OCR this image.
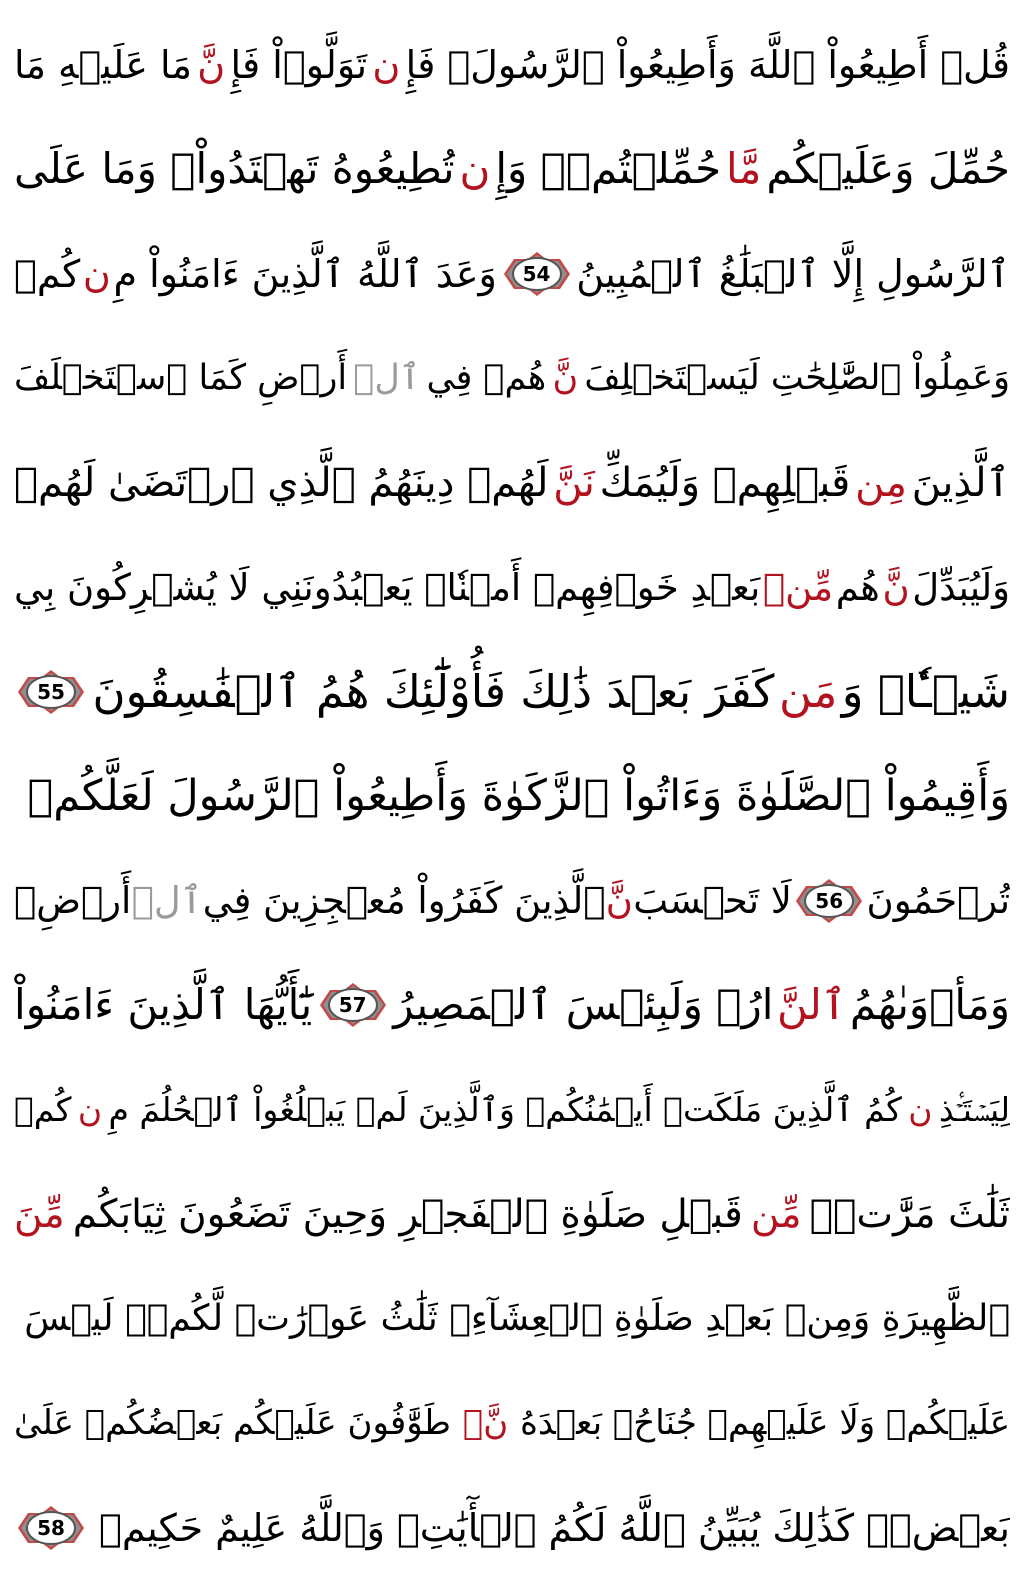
قُلۡ أَطِيعُواْ ٱللَّهَ وَأَطِيعُواْ ٱلرَّسُولَۖ فَإِ
ن
تَوَلَّوۡاْ فَإِ
نَّ
مَا عَلَيۡهِ مَا
حُمِّلَ وَعَلَيۡكُم
مَّا
حُمِّلۡتُمۡۖ وَإِ
ن
تُطِيعُوهُ تَهۡتَدُواْۚ وَمَا عَلَى
ٱلرَّسُولِ إِلَّا ٱلۡبَلَٰغُ ٱلۡمُبِينُ
54
وَعَدَ ٱللَّهُ ٱلَّذِينَ ءَامَنُواْ مِ
ن
كُمۡ
وَعَمِلُواْ ٱلصَّٰلِحَٰتِ لَيَسۡتَخۡلِفَ
نَّ
هُمۡ فِي
ٱلۡ
أَرۡضِ كَمَا ٱسۡتَخۡلَفَ
ٱلَّذِينَ
مِن
قَبۡلِهِمۡ وَلَيُمَكِّ
نَنَّ
لَهُمۡ دِينَهُمُ ٱلَّذِي ٱرۡتَضَىٰ لَهُمۡ
وَلَيُبَدِّلَ
نَّ
هُم
مِّنۢ
بَعۡدِ خَوۡفِهِمۡ أَمۡنٗاۚ يَعۡبُدُونَنِي لَا يُشۡرِكُونَ بِي
شَيۡـٔٗاۚ وَ
مَن
كَفَرَ بَعۡدَ ذَٰلِكَ فَأُوْلَٰٓئِكَ هُمُ ٱلۡفَٰسِقُونَ
55
وَأَقِيمُواْ ٱلصَّلَوٰةَ وَءَاتُواْ ٱلزَّكَوٰةَ وَأَطِيعُواْ ٱلرَّسُولَ لَعَلَّكُمۡ
تُرۡحَمُونَ
56
لَا تَحۡسَبَ
نَّ
ٱلَّذِينَ كَفَرُواْ مُعۡجِزِينَ فِي
ٱلۡ
أَرۡضِۚ
وَمَأۡوَىٰهُمُ
ٱلنَّ
ارُۖ وَلَبِئۡسَ ٱلۡمَصِيرُ
57
يَٰٓأَيُّهَا ٱلَّذِينَ ءَامَنُواْ
لِيَسۡتَـٔۡذِ
ن
كُمُ ٱلَّذِينَ مَلَكَتۡ أَيۡمَٰنُكُمۡ وَٱلَّذِينَ لَمۡ يَبۡلُغُواْ ٱلۡحُلُمَ مِ
ن
كُمۡ
ثَلَٰثَ مَرَّٰتٖۚ
مِّن
قَبۡلِ صَلَوٰةِ ٱلۡفَجۡرِ وَحِينَ تَضَعُونَ ثِيَابَكُم
مِّنَ
ٱلظَّهِيرَةِ وَمِنۢ بَعۡدِ صَلَوٰةِ ٱلۡعِشَآءِۚ ثَلَٰثُ عَوۡرَٰتٖ لَّكُمۡۚ لَيۡسَ
عَلَيۡكُمۡ وَلَا عَلَيۡهِمۡ جُنَاحُۢ بَعۡدَهُ
نَّۚ
طَوَّٰفُونَ عَلَيۡكُم بَعۡضُكُمۡ عَلَىٰ
بَعۡضٖۚ كَذَٰلِكَ يُبَيِّنُ ٱللَّهُ لَكُمُ ٱلۡأٓيَٰتِۗ وَٱللَّهُ عَلِيمٌ حَكِيمٞ
58
